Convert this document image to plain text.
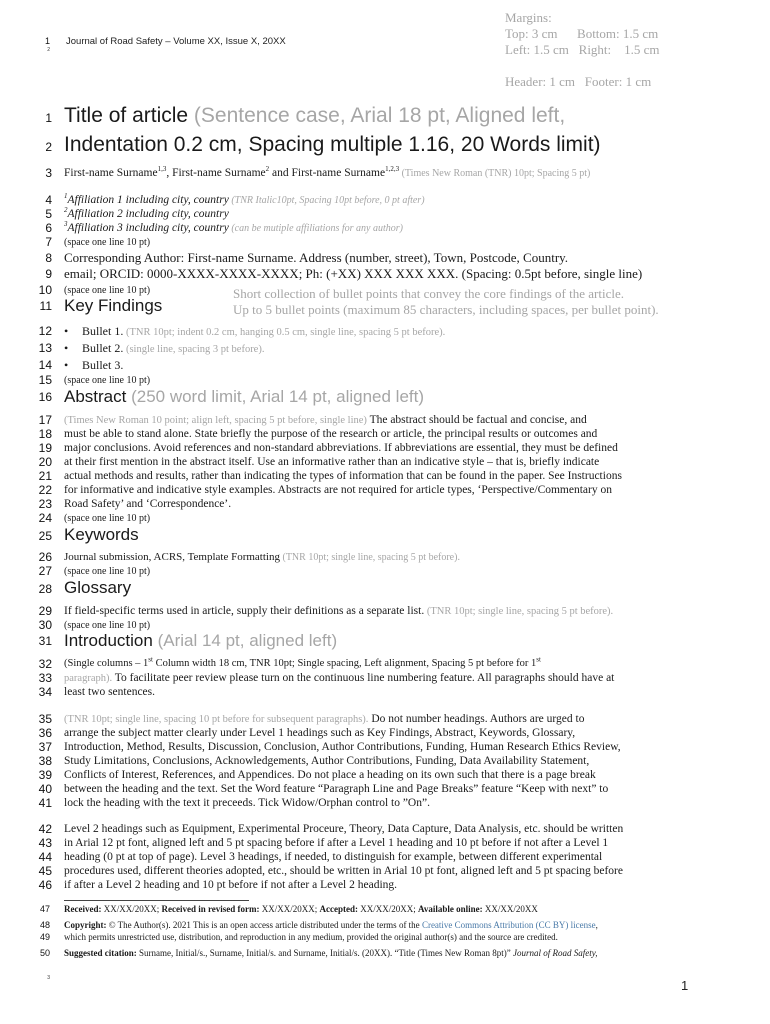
1
2
Journal of Road Safety – Volume XX, Issue X, 20XX
Margins:
Top: 3 cm      Bottom: 1.5 cm
Left: 1.5 cm   Right:    1.5 cm
Header: 1 cm   Footer: 1 cm
1
2
3
4
5
6
7
8
9
10
11
12
13
14
15
16
17
18
19
20
21
22
23
24
25
26
27
28
29
30
31
32
33
34
35
36
37
38
39
40
41
42
43
44
45
46
Title of article (Sentence case, Arial 18 pt, Aligned left,
Indentation 0.2 cm, Spacing multiple 1.16, 20 Words limit)
First-name Surname$^{1,3}$, First-name Surname$^2$ and First-name Surname$^{1,2,3}$ (Times New Roman (TNR) 10pt; Spacing 5 pt)
$^1$Affiliation 1 including city, country (TNR Italic10pt, Spacing 10pt before, 0 pt after)
$^2$Affiliation 2 including city, country
$^3$Affiliation 3 including city, country (can be mutiple affiliations for any author)
(space one line 10 pt)
Corresponding Author: First-name Surname. Address (number, street), Town, Postcode, Country.
email; ORCID: 0000-XXXX-XXXX-XXXX; Ph: (+XX) XXX XXX XXX. (Spacing: 0.5pt before, single line)
(space one line 10 pt)
Key Findings
Short collection of bullet points that convey the core findings of the article.
Up to 5 bullet points (maximum 85 characters, including spaces, per bullet point).
• Bullet 1. (TNR 10pt; indent 0.2 cm, hanging 0.5 cm, single line, spacing 5 pt before).
• Bullet 2. (single line, spacing 3 pt before).
• Bullet 3.
(space one line 10 pt)
Abstract (250 word limit, Arial 14 pt, aligned left)
(Times New Roman 10 point; align left, spacing 5 pt before, single line) The abstract should be factual and concise, and
must be able to stand alone. State briefly the purpose of the research or article, the principal results or outcomes and
major conclusions. Avoid references and non-standard abbreviations. If abbreviations are essential, they must be defined
at their first mention in the abstract itself. Use an informative rather than an indicative style – that is, briefly indicate
actual methods and results, rather than indicating the types of information that can be found in the paper. See Instructions
for informative and indicative style examples. Abstracts are not required for article types, ‘Perspective/Commentary on
Road Safety’ and ‘Correspondence’.
(space one line 10 pt)
Keywords
Journal submission, ACRS, Template Formatting (TNR 10pt; single line, spacing 5 pt before).
(space one line 10 pt)
Glossary
If field-specific terms used in article, supply their definitions as a separate list. (TNR 10pt; single line, spacing 5 pt before).
(space one line 10 pt)
Introduction (Arial 14 pt, aligned left)
(Single columns – 1st Column width 18 cm, TNR 10pt; Single spacing, Left alignment, Spacing 5 pt before for 1st
paragraph). To facilitate peer review please turn on the continuous line numbering feature. All paragraphs should have at
least two sentences.
(TNR 10pt; single line, spacing 10 pt before for subsequent paragraphs). Do not number headings. Authors are urged to
arrange the subject matter clearly under Level 1 headings such as Key Findings, Abstract, Keywords, Glossary,
Introduction, Method, Results, Discussion, Conclusion, Author Contributions, Funding, Human Research Ethics Review,
Study Limitations, Conclusions, Acknowledgements, Author Contributions, Funding, Data Availability Statement,
Conflicts of Interest, References, and Appendices. Do not place a heading on its own such that there is a page break
between the heading and the text. Set the Word feature “Paragraph Line and Page Breaks” feature “Keep with next” to
lock the heading with the text it preceeds. Tick Widow/Orphan control to ”On”.
Level 2 headings such as Equipment, Experimental Proceure, Theory, Data Capture, Data Analysis, etc. should be written
in Arial 12 pt font, aligned left and 5 pt spacing before if after a Level 1 heading and 10 pt before if not after a Level 1
heading (0 pt at top of page). Level 3 headings, if needed, to distinguish for example, between different experimental
procedures used, different theories adopted, etc., should be written in Arial 10 pt font, aligned left and 5 pt spacing before
if after a Level 2 heading and 10 pt before if not after a Level 2 heading.
47 Received: XX/XX/20XX; Received in revised form: XX/XX/20XX; Accepted: XX/XX/20XX; Available online: XX/XX/20XX
48 Copyright: © The Author(s). 2021 This is an open access article distributed under the terms of the Creative Commons Attribution (CC BY) license,
49 which permits unrestricted use, distribution, and reproduction in any medium, provided the original author(s) and the source are credited.
50 Suggested citation: Surname, Initial/s., Surname, Initial/s. and Surname, Initial/s. (20XX). “Title (Times New Roman 8pt)” Journal of Road Safety,
3	1
